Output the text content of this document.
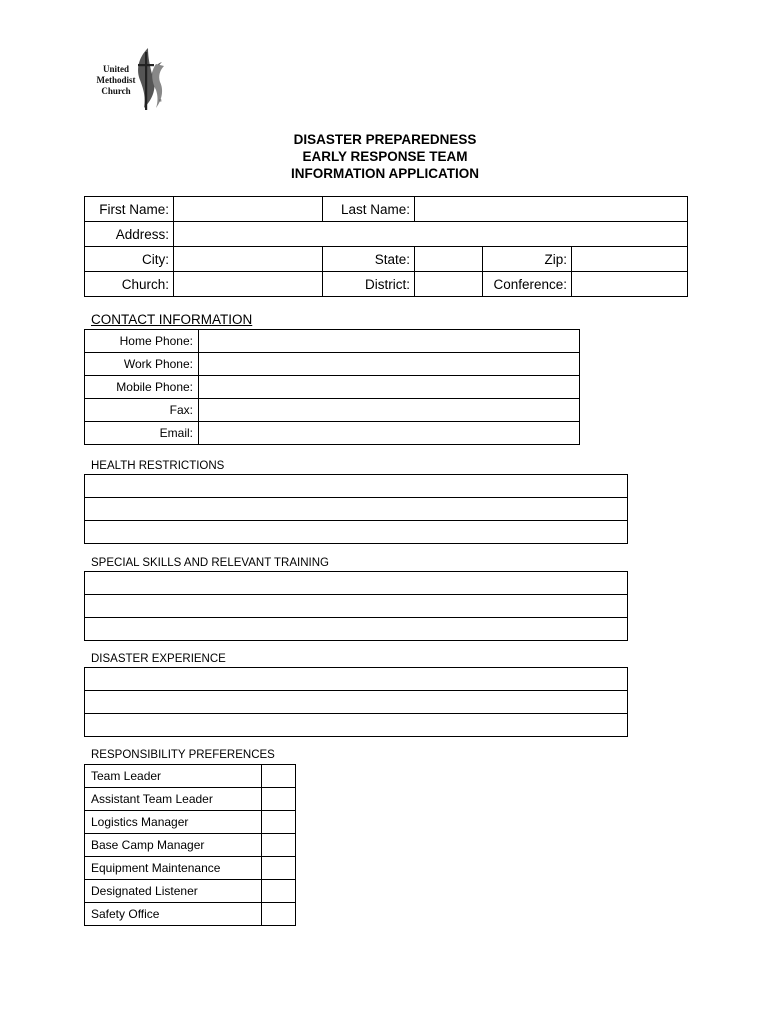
United
Methodist
Church
®
DISASTER PREPAREDNESS
EARLY RESPONSE TEAM
INFORMATION APPLICATION
First Name:		Last Name:			
Address:					
City:		State:		Zip:	
Church:		District:		Conference:	
CONTACT INFORMATION
Home Phone:	
Work Phone:	
Mobile Phone:	
Fax:	
Email:	
HEALTH RESTRICTIONS

SPECIAL SKILLS AND RELEVANT TRAINING

DISASTER EXPERIENCE

RESPONSIBILITY PREFERENCES
Team Leader	
Assistant Team Leader	
Logistics Manager	
Base Camp Manager	
Equipment Maintenance	
Designated Listener	
Safety Office	
